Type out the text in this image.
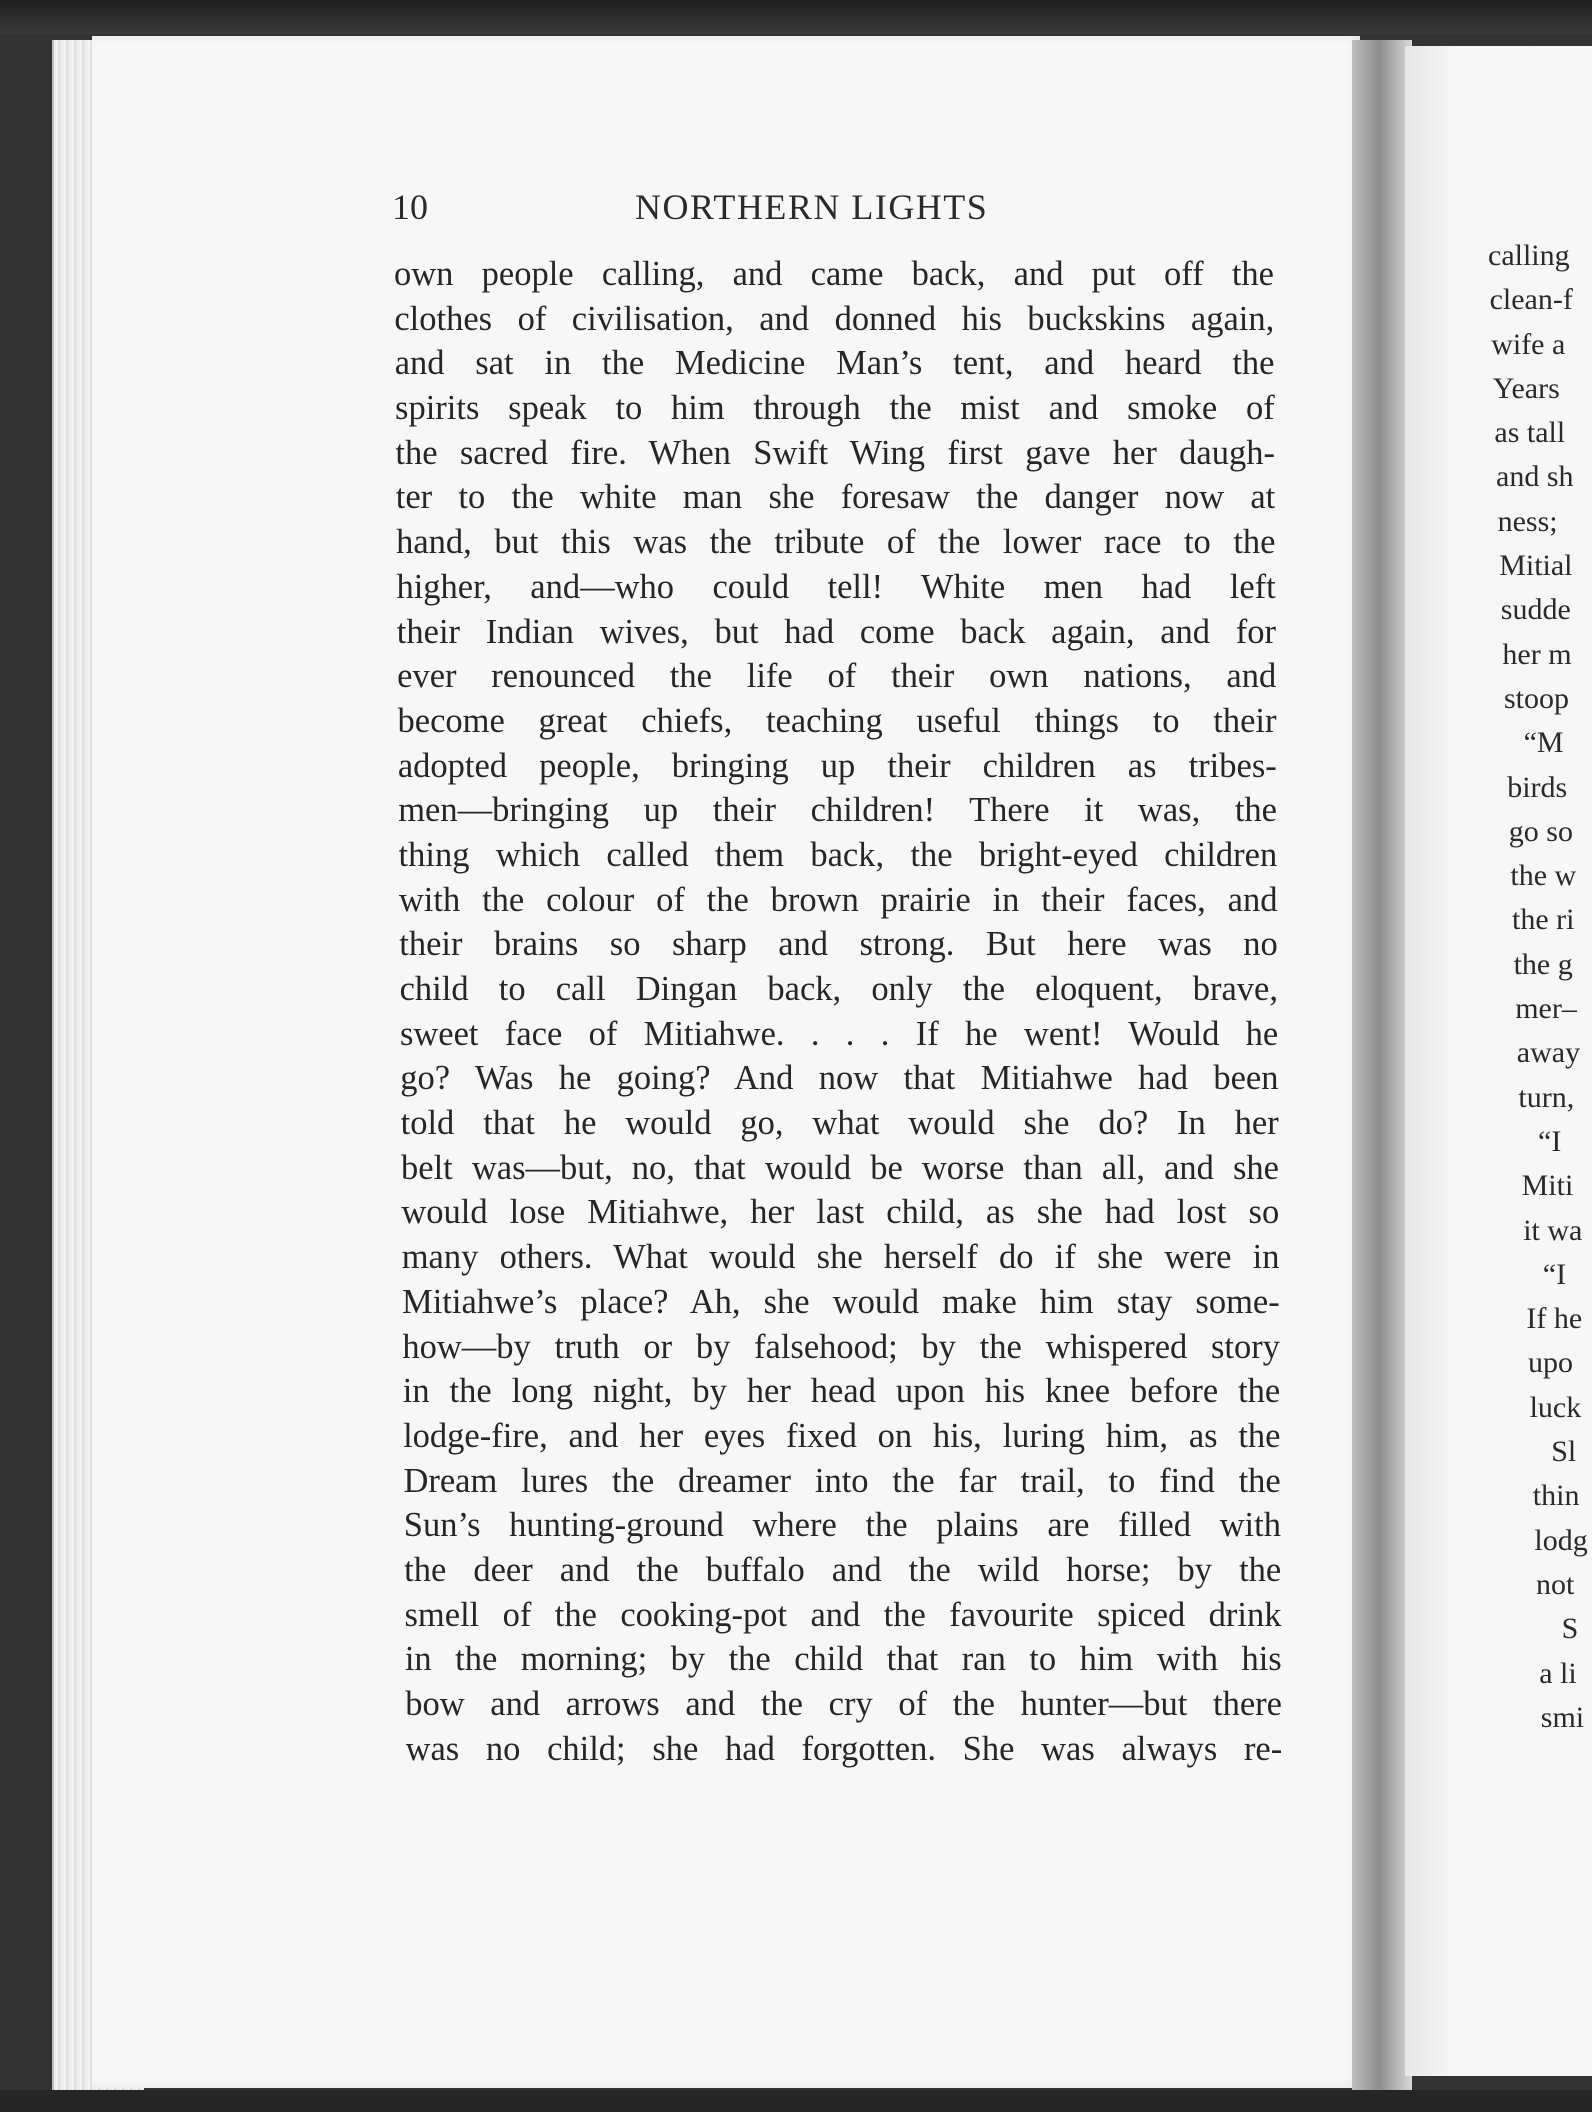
10	NORTHERN LIGHTS
own people calling, and came back, and put off the
clothes of civilisation, and donned his buckskins again,
and sat in the Medicine Man’s tent, and heard the
spirits speak to him through the mist and smoke of
the sacred fire. When Swift Wing first gave her daugh-
ter to the white man she foresaw the danger now at
hand, but this was the tribute of the lower race to the
higher, and—who could tell! White men had left
their Indian wives, but had come back again, and for
ever renounced the life of their own nations, and
become great chiefs, teaching useful things to their
adopted people, bringing up their children as tribes-
men—bringing up their children! There it was, the
thing which called them back, the bright-eyed children
with the colour of the brown prairie in their faces, and
their brains so sharp and strong. But here was no
child to call Dingan back, only the eloquent, brave,
sweet face of Mitiahwe. . . . If he went! Would he
go? Was he going? And now that Mitiahwe had been
told that he would go, what would she do? In her
belt was—but, no, that would be worse than all, and she
would lose Mitiahwe, her last child, as she had lost so
many others. What would she herself do if she were in
Mitiahwe’s place? Ah, she would make him stay some-
how—by truth or by falsehood; by the whispered story
in the long night, by her head upon his knee before the
lodge-fire, and her eyes fixed on his, luring him, as the
Dream lures the dreamer into the far trail, to find the
Sun’s hunting-ground where the plains are filled with
the deer and the buffalo and the wild horse; by the
smell of the cooking-pot and the favourite spiced drink
in the morning; by the child that ran to him with his
bow and arrows and the cry of the hunter—but there
was no child; she had forgotten. She was always re-
calling
clean-f
wife a
Years
as tall
and sh
ness;
Mitial
sudde
her m
stoop
“M
birds
go so
the w
the ri
the g
mer–
away
turn,
“I
Miti
it wa
“I
If he
upo
luck
Sl
thin
lodg
not
S
a li
smi
